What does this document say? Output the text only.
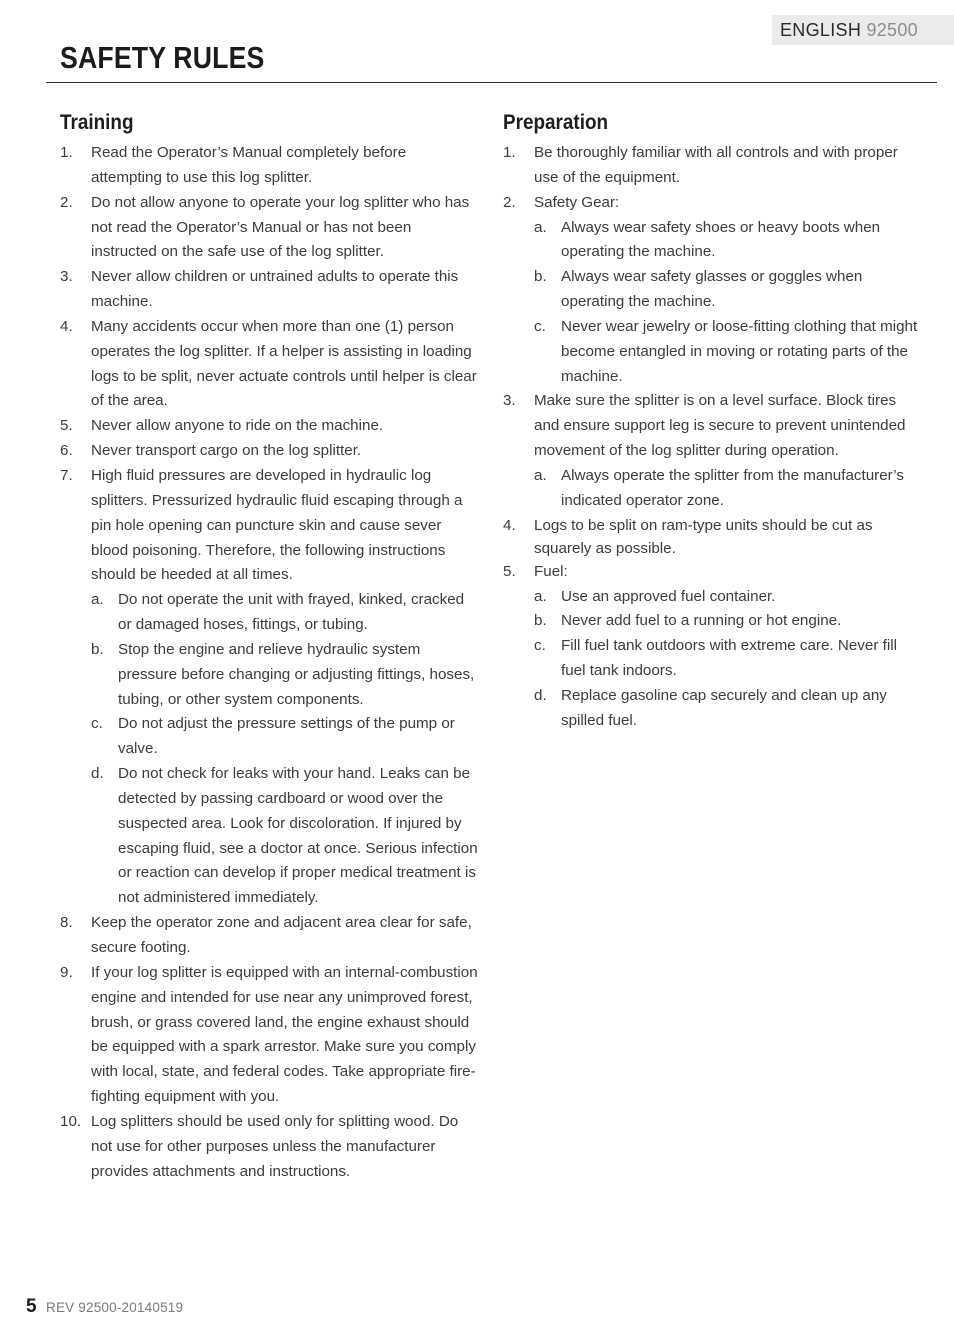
ENGLISH 92500
SAFETY RULES
Training
1. Read the Operator’s Manual completely before attempting to use this log splitter.
2. Do not allow anyone to operate your log splitter who has not read the Operator’s Manual or has not been instructed on the safe use of the log splitter.
3. Never allow children or untrained adults to operate this machine.
4. Many accidents occur when more than one (1) person operates the log splitter. If a helper is assisting in loading logs to be split, never actuate controls until helper is clear of the area.
5. Never allow anyone to ride on the machine.
6. Never transport cargo on the log splitter.
7. High fluid pressures are developed in hydraulic log splitters. Pressurized hydraulic fluid escaping through a pin hole opening can puncture skin and cause sever blood poisoning. Therefore, the following instructions should be heeded at all times.
a. Do not operate the unit with frayed, kinked, cracked or damaged hoses, fittings, or tubing.
b. Stop the engine and relieve hydraulic system pressure before changing or adjusting fittings, hoses, tubing, or other system components.
c. Do not adjust the pressure settings of the pump or valve.
d. Do not check for leaks with your hand. Leaks can be detected by passing cardboard or wood over the suspected area. Look for discoloration. If injured by escaping fluid, see a doctor at once. Serious infection or reaction can develop if proper medical treatment is not administered immediately.
8. Keep the operator zone and adjacent area clear for safe, secure footing.
9. If your log splitter is equipped with an internal-combustion engine and intended for use near any unimproved forest, brush, or grass covered land, the engine exhaust should be equipped with a spark arrestor. Make sure you comply with local, state, and federal codes. Take appropriate fire-fighting equipment with you.
10. Log splitters should be used only for splitting wood. Do not use for other purposes unless the manufacturer provides attachments and instructions.
Preparation
1. Be thoroughly familiar with all controls and with proper use of the equipment.
2. Safety Gear:
a. Always wear safety shoes or heavy boots when operating the machine.
b. Always wear safety glasses or goggles when operating the machine.
c. Never wear jewelry or loose-fitting clothing that might become entangled in moving or rotating parts of the machine.
3. Make sure the splitter is on a level surface. Block tires and ensure support leg is secure to prevent unintended movement of the log splitter during operation.
a. Always operate the splitter from the manufacturer’s indicated operator zone.
4. Logs to be split on ram-type units should be cut as squarely as possible.
5. Fuel:
a. Use an approved fuel container.
b. Never add fuel to a running or hot engine.
c. Fill fuel tank outdoors with extreme care. Never fill fuel tank indoors.
d. Replace gasoline cap securely and clean up any spilled fuel.
5 REV 92500-20140519
